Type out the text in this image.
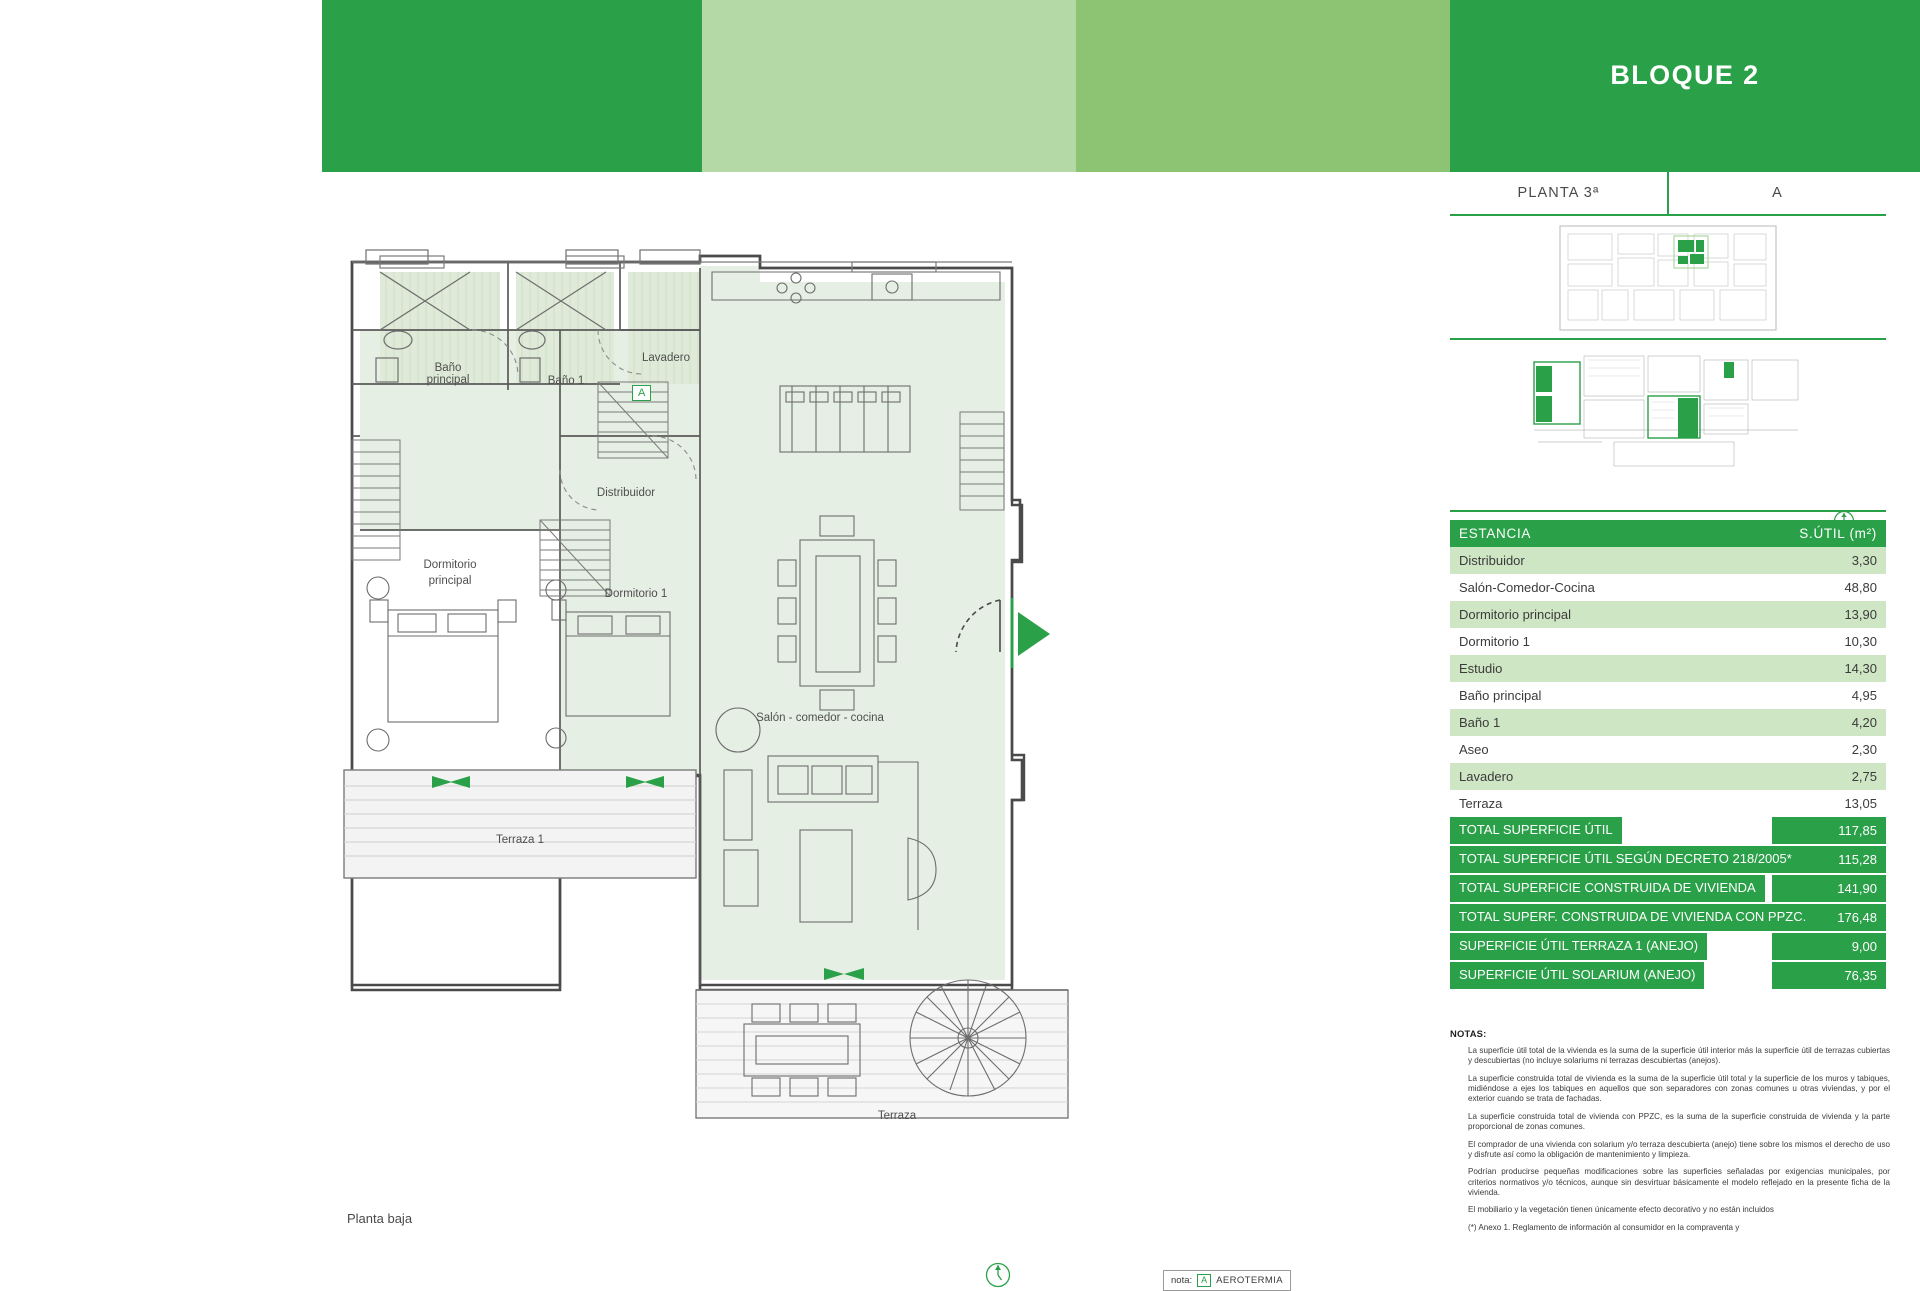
BLOQUE 2
PLANTA 3ª	A
ESTANCIA	S.ÚTIL (m²)
Distribuidor	3,30
Salón-Comedor-Cocina	48,80
Dormitorio principal	13,90
Dormitorio 1	10,30
Estudio	14,30
Baño principal	4,95
Baño 1	4,20
Aseo	2,30
Lavadero	2,75
Terraza	13,05

TOTAL SUPERFICIE ÚTIL	117,85

TOTAL SUPERFICIE ÚTIL SEGÚN DECRETO 218/2005*	115,28

TOTAL SUPERFICIE CONSTRUIDA DE VIVIENDA	141,90

TOTAL SUPERF. CONSTRUIDA DE VIVIENDA CON PPZC.	176,48

SUPERFICIE ÚTIL TERRAZA 1 (ANEJO)	9,00

SUPERFICIE ÚTIL SOLARIUM (ANEJO)	76,35
NOTAS:

La superficie útil total de la vivienda es la suma de la superficie útil interior más la superficie útil de terrazas cubiertas y descubiertas (no incluye solariums ni terrazas descubiertas (anejos).

La superficie construida total de vivienda es la suma de la superficie útil total y la superficie de los muros y tabiques, midiéndose a ejes los tabiques en aquellos que son separadores con zonas comunes u otras viviendas, y por el exterior cuando se trata de fachadas.

La superficie construida total de vivienda con PPZC, es la suma de la superficie construida de vivienda y la parte proporcional de zonas comunes.

El comprador de una vivienda con solarium y/o terraza descubierta (anejo) tiene sobre los mismos el derecho de uso y disfrute así como la obligación de mantenimiento y limpieza.

Podrían producirse pequeñas modificaciones sobre las superficies señaladas por exigencias municipales, por criterios normativos y/o técnicos, aunque sin desvirtuar básicamente el modelo reflejado en la presente ficha de la vivienda.

El mobiliario y la vegetación tienen únicamente efecto decorativo y no están incluidos

(*) Anexo 1. Reglamento de información al consumidor en la compraventa y

Baño
principal	Baño 1
Lavadero
Distribuidor
Dormitorio
principal
Dormitorio 1
Salón - comedor - cocina
Terraza 1
Terraza
A
Planta baja
nota:	A AEROTERMIA
